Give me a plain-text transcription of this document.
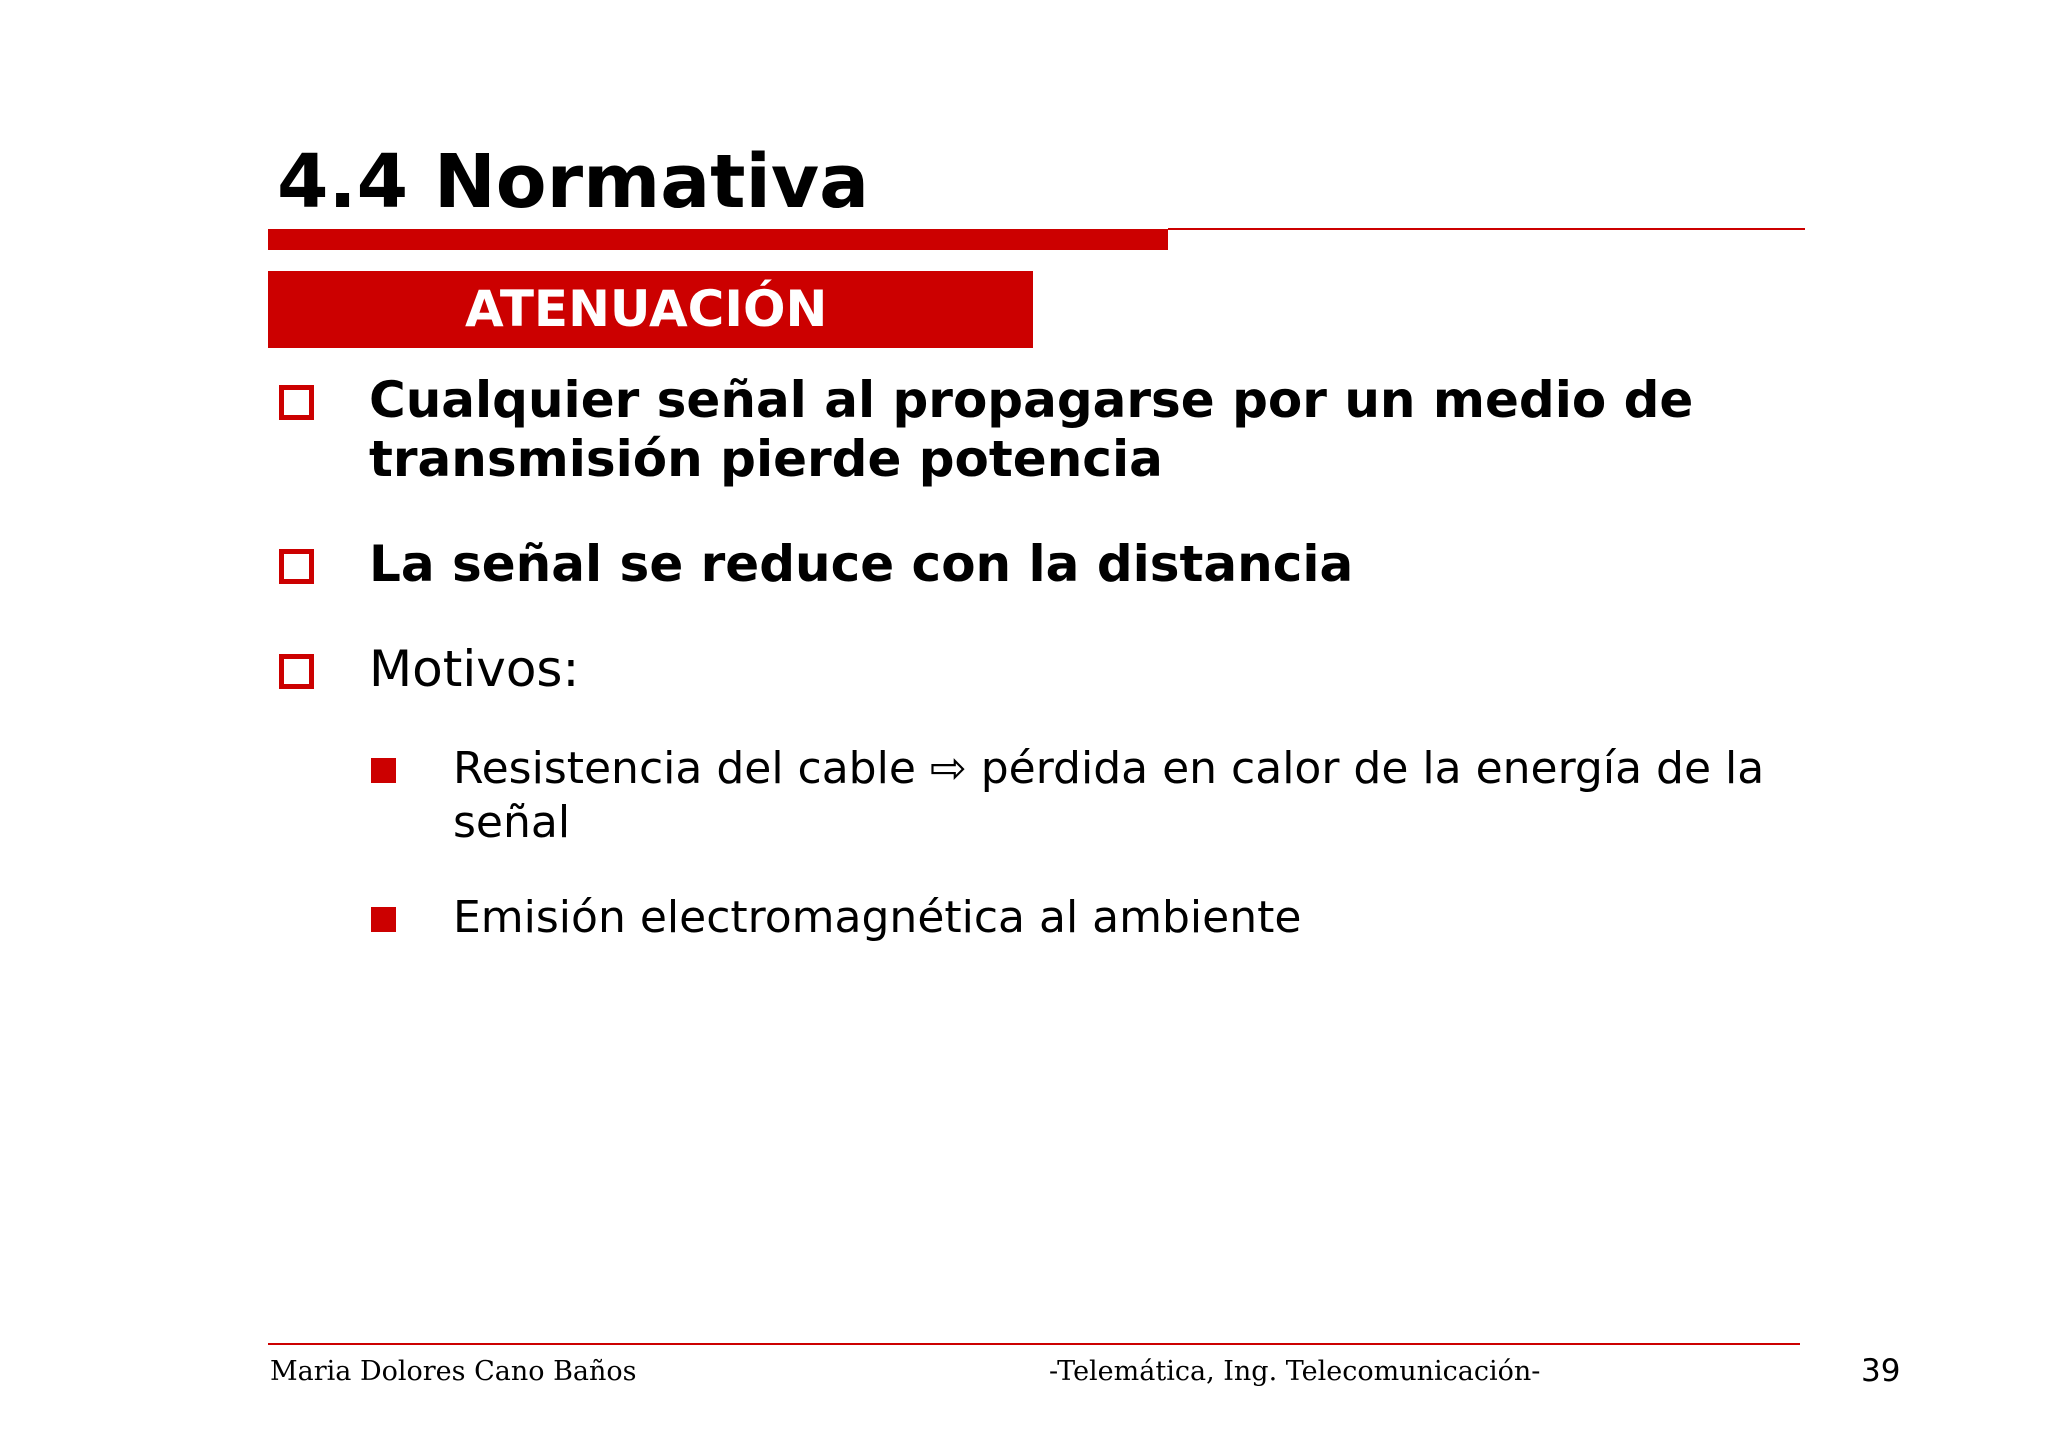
4.4 Normativa
ATENUACIÓN
Cualquier señal al propagarse por un medio de
transmisión pierde potencia
La señal se reduce con la distancia
Motivos:
Resistencia del cable ⇨ pérdida en calor de la energía de la
señal
Emisión electromagnética al ambiente
Maria Dolores Cano Baños	-Telemática, Ing. Telecomunicación-	39
